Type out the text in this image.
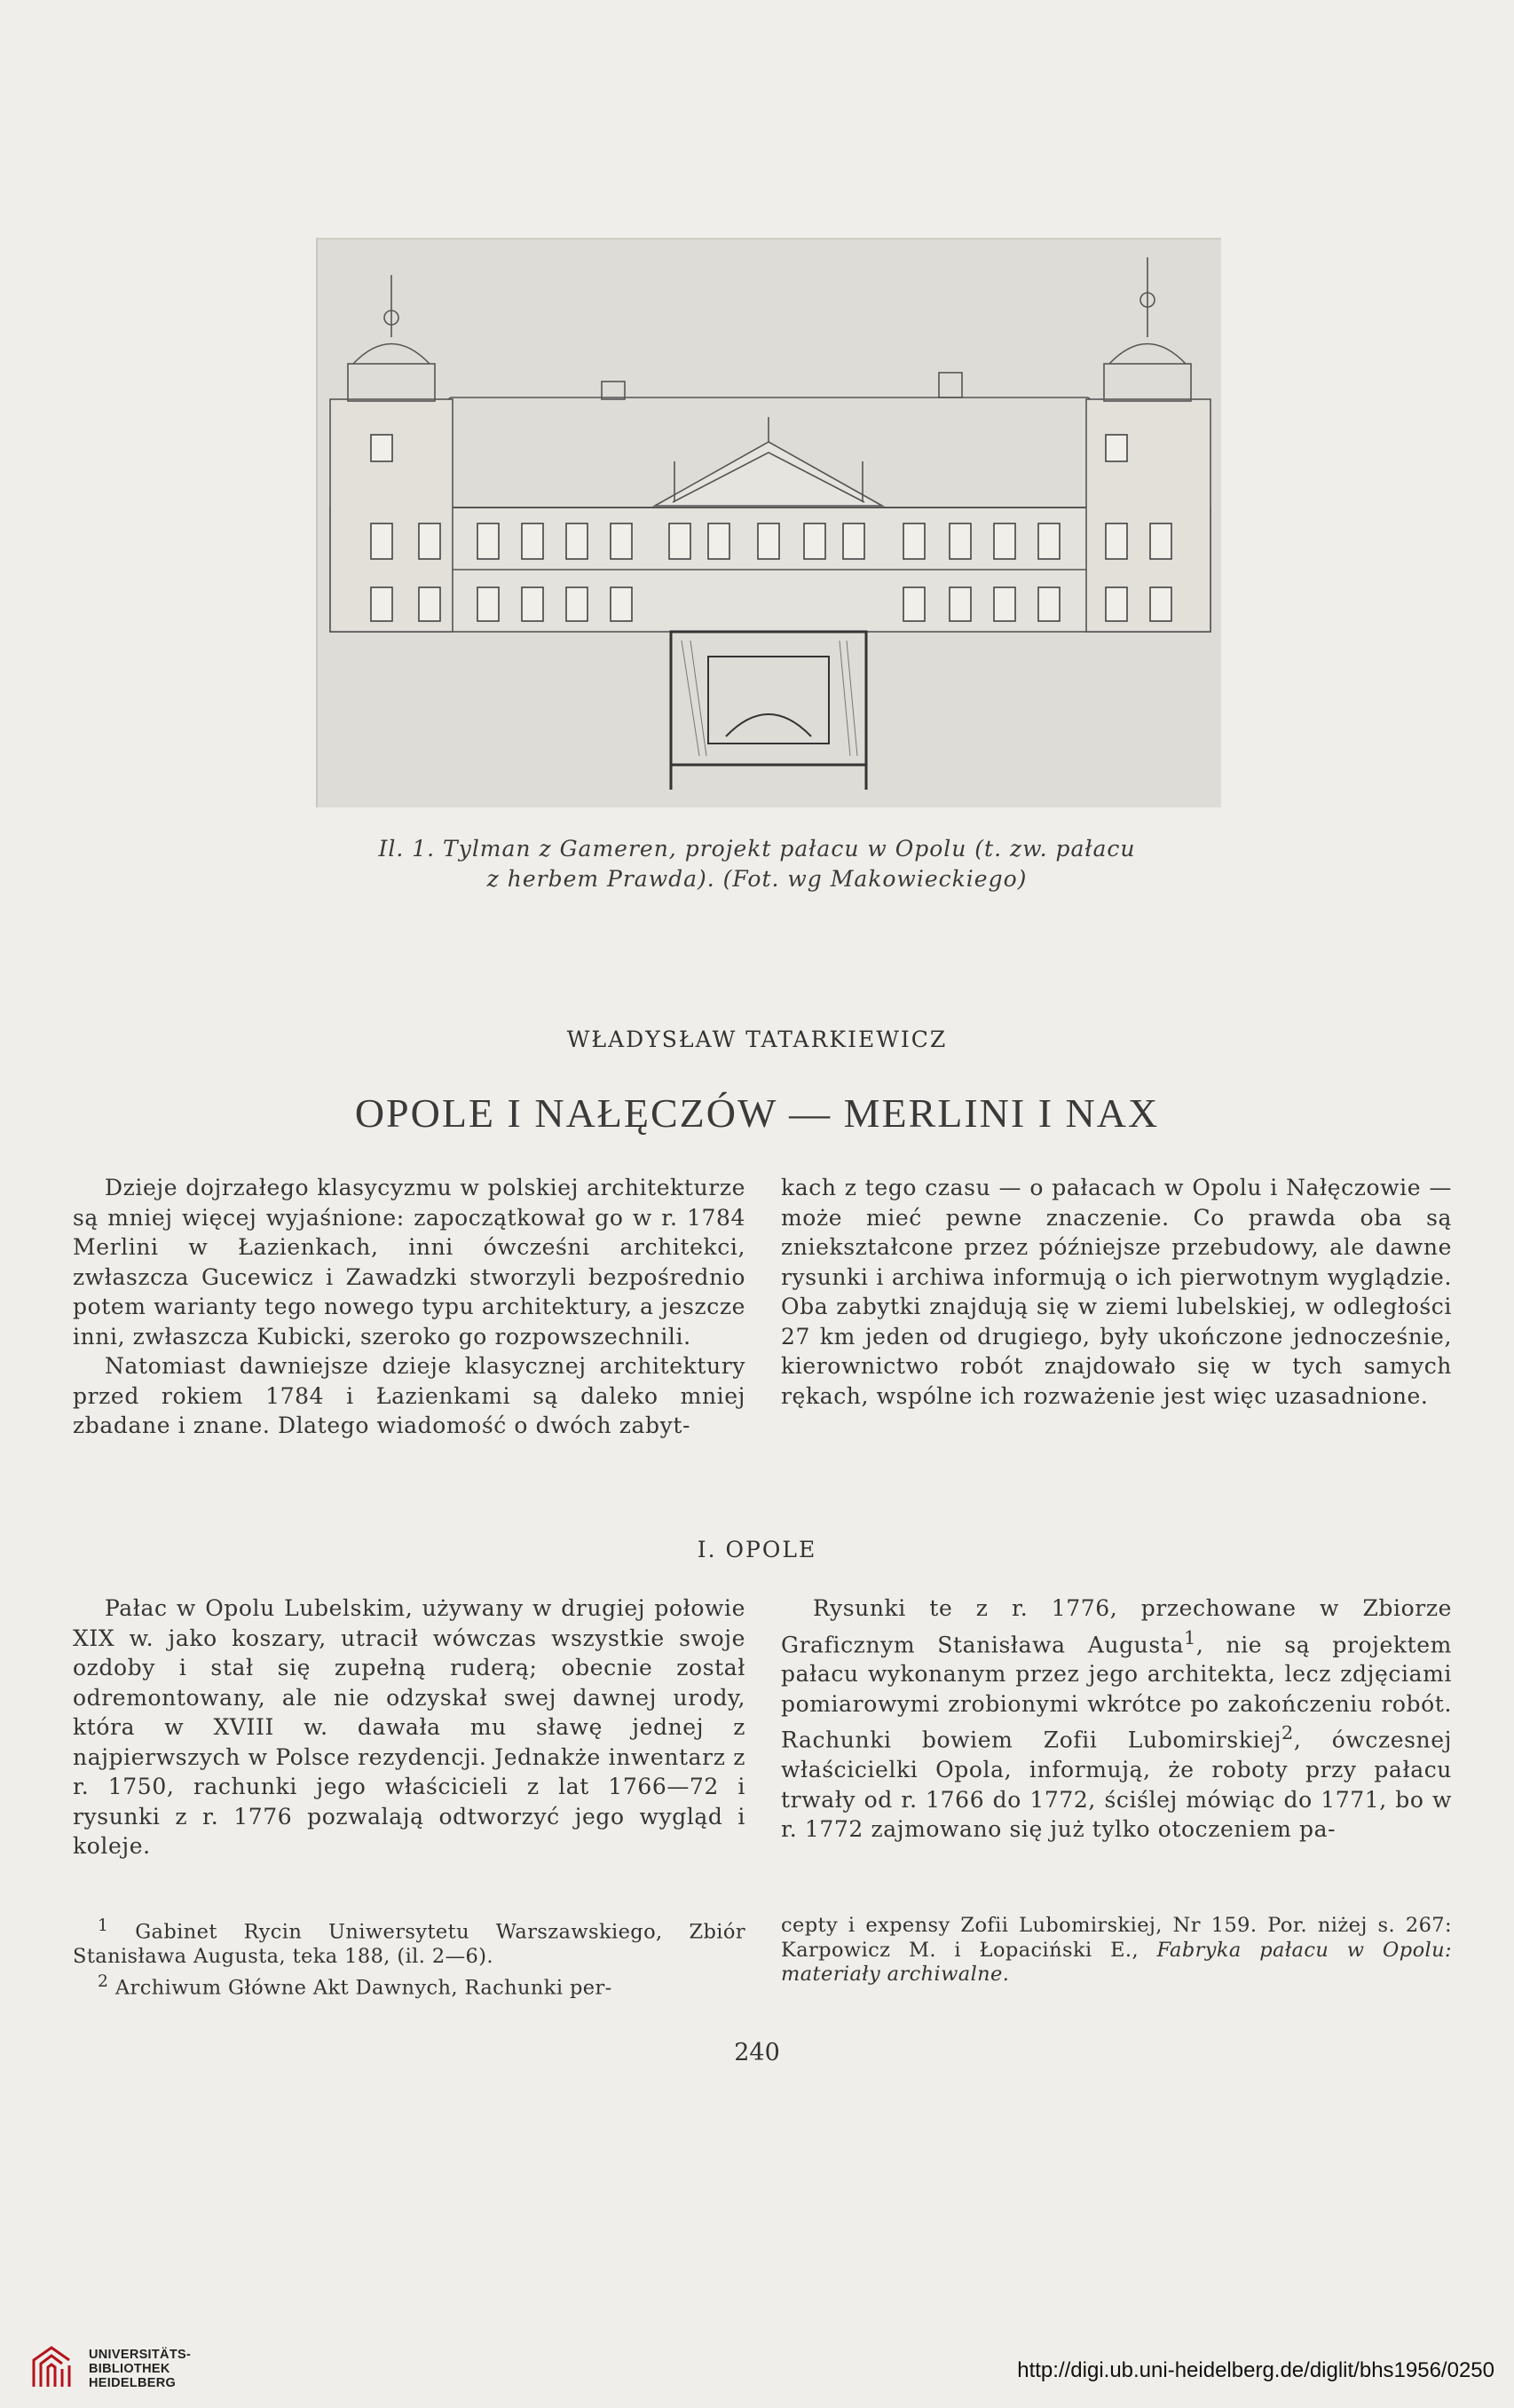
Il. 1. Tylman z Gameren, projekt pałacu w Opolu (t. zw. pałacu
z herbem Prawda). (Fot. wg Makowieckiego)
WŁADYSŁAW TATARKIEWICZ
OPOLE I NAŁĘCZÓW — MERLINI I NAX

Dzieje dojrzałego klasycyzmu w polskiej architekturze są mniej więcej wyjaśnione: zapoczątkował go w r. 1784 Merlini w Łazienkach, inni ówcześni architekci, zwłaszcza Gucewicz i Zawadzki stworzyli bezpośrednio potem warianty tego nowego typu architektury, a jeszcze inni, zwłaszcza Kubicki, szeroko go rozpowszechnili.

Natomiast dawniejsze dzieje klasycznej architektury przed rokiem 1784 i Łazienkami są daleko mniej zbadane i znane. Dlatego wiadomość o dwóch zabyt-

kach z tego czasu — o pałacach w Opolu i Nałęczowie — może mieć pewne znaczenie. Co prawda oba są zniekształcone przez późniejsze przebudowy, ale dawne rysunki i archiwa informują o ich pierwotnym wyglądzie. Oba zabytki znajdują się w ziemi lubelskiej, w odległości 27 km jeden od drugiego, były ukończone jednocześnie, kierownictwo robót znajdowało się w tych samych rękach, wspólne ich rozważenie jest więc uzasadnione.

I. OPOLE

Pałac w Opolu Lubelskim, używany w drugiej połowie XIX w. jako koszary, utracił wówczas wszystkie swoje ozdoby i stał się zupełną ruderą; obecnie został odremontowany, ale nie odzyskał swej dawnej urody, która w XVIII w. dawała mu sławę jednej z najpierwszych w Polsce rezydencji. Jednakże inwentarz z r. 1750, rachunki jego właścicieli z lat 1766—72 i rysunki z r. 1776 pozwalają odtworzyć jego wygląd i koleje.

Rysunki te z r. 1776, przechowane w Zbiorze Graficznym Stanisława Augusta$^1$, nie są projektem pałacu wykonanym przez jego architekta, lecz zdjęciami pomiarowymi zrobionymi wkrótce po zakończeniu robót. Rachunki bowiem Zofii Lubomirskiej$^2$, ówczesnej właścicielki Opola, informują, że roboty przy pałacu trwały od r. 1766 do 1772, ściślej mówiąc do 1771, bo w r. 1772 zajmowano się już tylko otoczeniem pa-

$^1$ Gabinet Rycin Uniwersytetu Warszawskiego, Zbiór Stanisława Augusta, teka 188, (il. 2—6).

$^2$ Archiwum Główne Akt Dawnych, Rachunki per-

cepty i expensy Zofii Lubomirskiej, Nr 159. Por. niżej s. 267: Karpowicz M. i Łopaciński E., Fabryka pałacu w Opolu: materiały archiwalne.

240
UNIVERSITÄTS-
BIBLIOTHEK
HEIDELBERG
http://digi.ub.uni-heidelberg.de/diglit/bhs1956/0250
